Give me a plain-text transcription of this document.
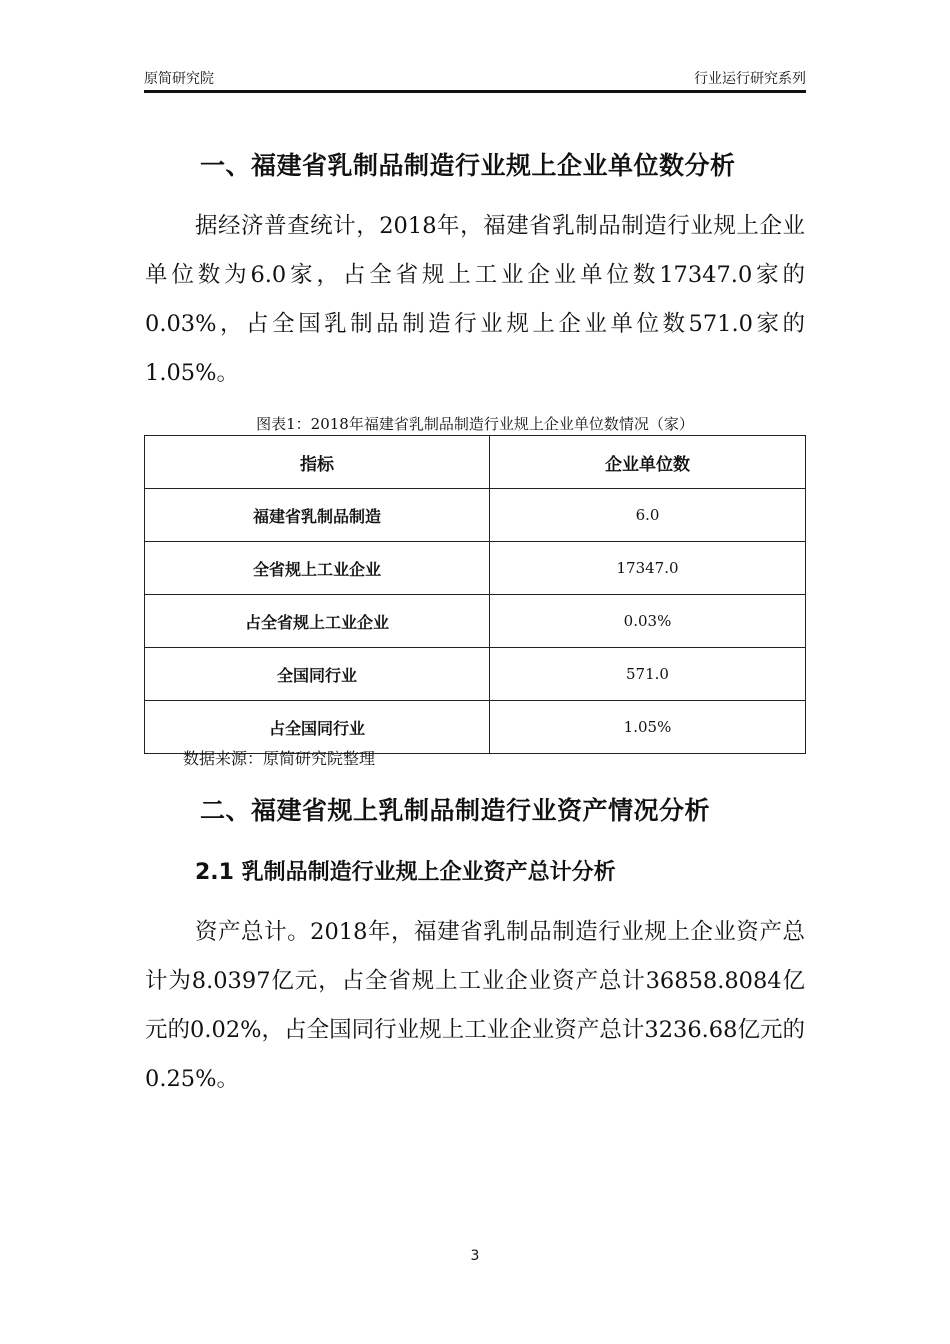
原简研究院	行业运行研究系列
一、福建省乳制品制造行业规上企业单位数分析
据经济普查统计，2018年，福建省乳制品制造行业规上企业单位数为6.0家，占全省规上工业企业单位数17347.0家的0.03%，占全国乳制品制造行业规上企业单位数571.0家的1.05%。
图表1：2018年福建省乳制品制造行业规上企业单位数情况（家）
指标	企业单位数
福建省乳制品制造	6.0
全省规上工业企业	17347.0
占全省规上工业企业	0.03%
全国同行业	571.0
占全国同行业	1.05%
数据来源：原简研究院整理
二、福建省规上乳制品制造行业资产情况分析
2.1 乳制品制造行业规上企业资产总计分析
资产总计。2018年，福建省乳制品制造行业规上企业资产总计为8.0397亿元，占全省规上工业企业资产总计36858.8084亿元的0.02%，占全国同行业规上工业企业资产总计3236.68亿元的0.25%。
3
